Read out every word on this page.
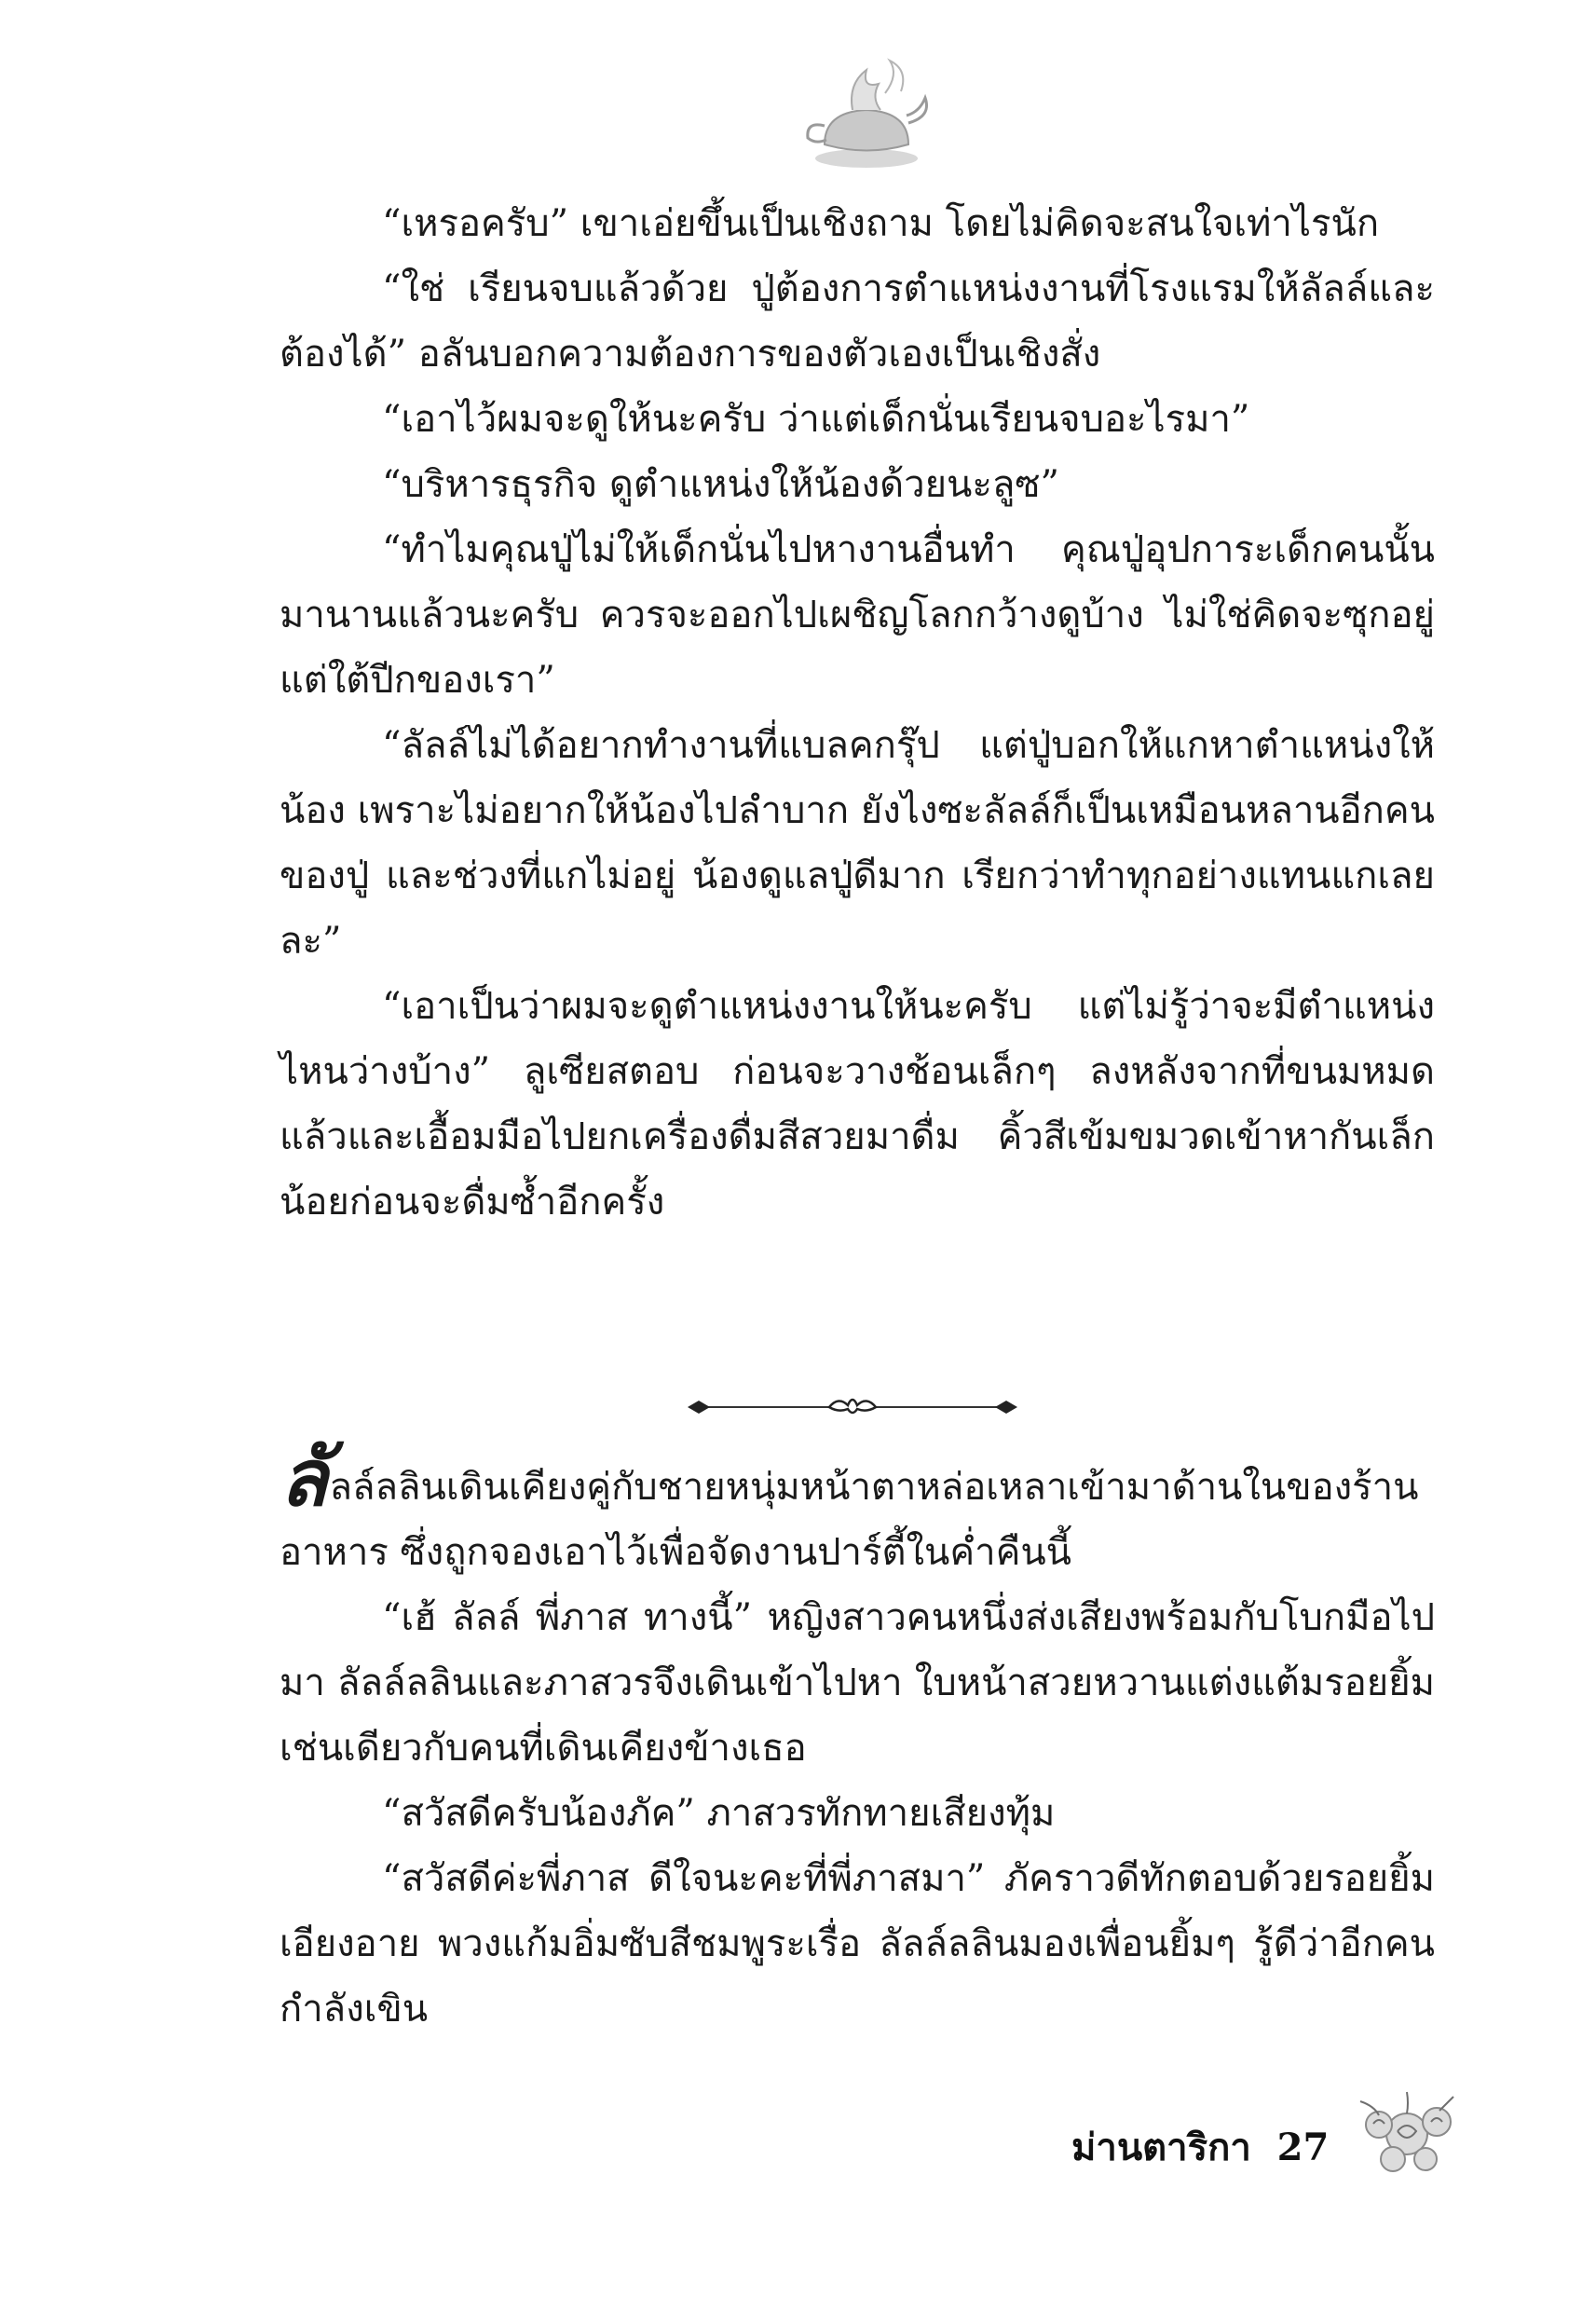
“เหรอครับ” เขาเอ่ยขึ้นเป็นเชิงถาม โดยไม่คิดจะสนใจเท่าไรนัก

“ใช่ เรียนจบแล้วด้วย ปู่ต้องการตำแหน่งงานที่โรงแรมให้ลัลล์และต้องได้” อลันบอกความต้องการของตัวเองเป็นเชิงสั่ง

“เอาไว้ผมจะดูให้นะครับ ว่าแต่เด็กนั่นเรียนจบอะไรมา”

“บริหารธุรกิจ ดูตำแหน่งให้น้องด้วยนะลูซ”

“ทำไมคุณปู่ไม่ให้เด็กนั่นไปหางานอื่นทำ คุณปู่อุปการะเด็กคนนั้นมานานแล้วนะครับ ควรจะออกไปเผชิญโลกกว้างดูบ้าง ไม่ใช่คิดจะซุกอยู่แต่ใต้ปีกของเรา”

“ลัลล์ไม่ได้อยากทำงานที่แบลคกรุ๊ป แต่ปู่บอกให้แกหาตำแหน่งให้น้อง เพราะไม่อยากให้น้องไปลำบาก ยังไงซะลัลล์ก็เป็นเหมือนหลานอีกคนของปู่ และช่วงที่แกไม่อยู่ น้องดูแลปู่ดีมาก เรียกว่าทำทุกอย่างแทนแกเลยละ”

“เอาเป็นว่าผมจะดูตำแหน่งงานให้นะครับ แต่ไม่รู้ว่าจะมีตำแหน่งไหนว่างบ้าง” ลูเซียสตอบ ก่อนจะวางช้อนเล็กๆ ลงหลังจากที่ขนมหมดแล้วและเอื้อมมือไปยกเครื่องดื่มสีสวยมาดื่ม คิ้วสีเข้มขมวดเข้าหากันเล็กน้อยก่อนจะดื่มซ้ำอีกครั้ง

ลัลล์ลลินเดินเคียงคู่กับชายหนุ่มหน้าตาหล่อเหลาเข้ามาด้านในของร้านอาหาร ซึ่งถูกจองเอาไว้เพื่อจัดงานปาร์ตี้ในค่ำคืนนี้

“เฮ้ ลัลล์ พี่ภาส ทางนี้” หญิงสาวคนหนึ่งส่งเสียงพร้อมกับโบกมือไปมา ลัลล์ลลินและภาสวรจึงเดินเข้าไปหา ใบหน้าสวยหวานแต่งแต้มรอยยิ้ม เช่นเดียวกับคนที่เดินเคียงข้างเธอ

“สวัสดีครับน้องภัค” ภาสวรทักทายเสียงทุ้ม

“สวัสดีค่ะพี่ภาส ดีใจนะคะที่พี่ภาสมา” ภัคราวดีทักตอบด้วยรอยยิ้มเอียงอาย พวงแก้มอิ่มซับสีชมพูระเรื่อ ลัลล์ลลินมองเพื่อนยิ้มๆ รู้ดีว่าอีกคนกำลังเขิน

ม่านตาริกา 27
